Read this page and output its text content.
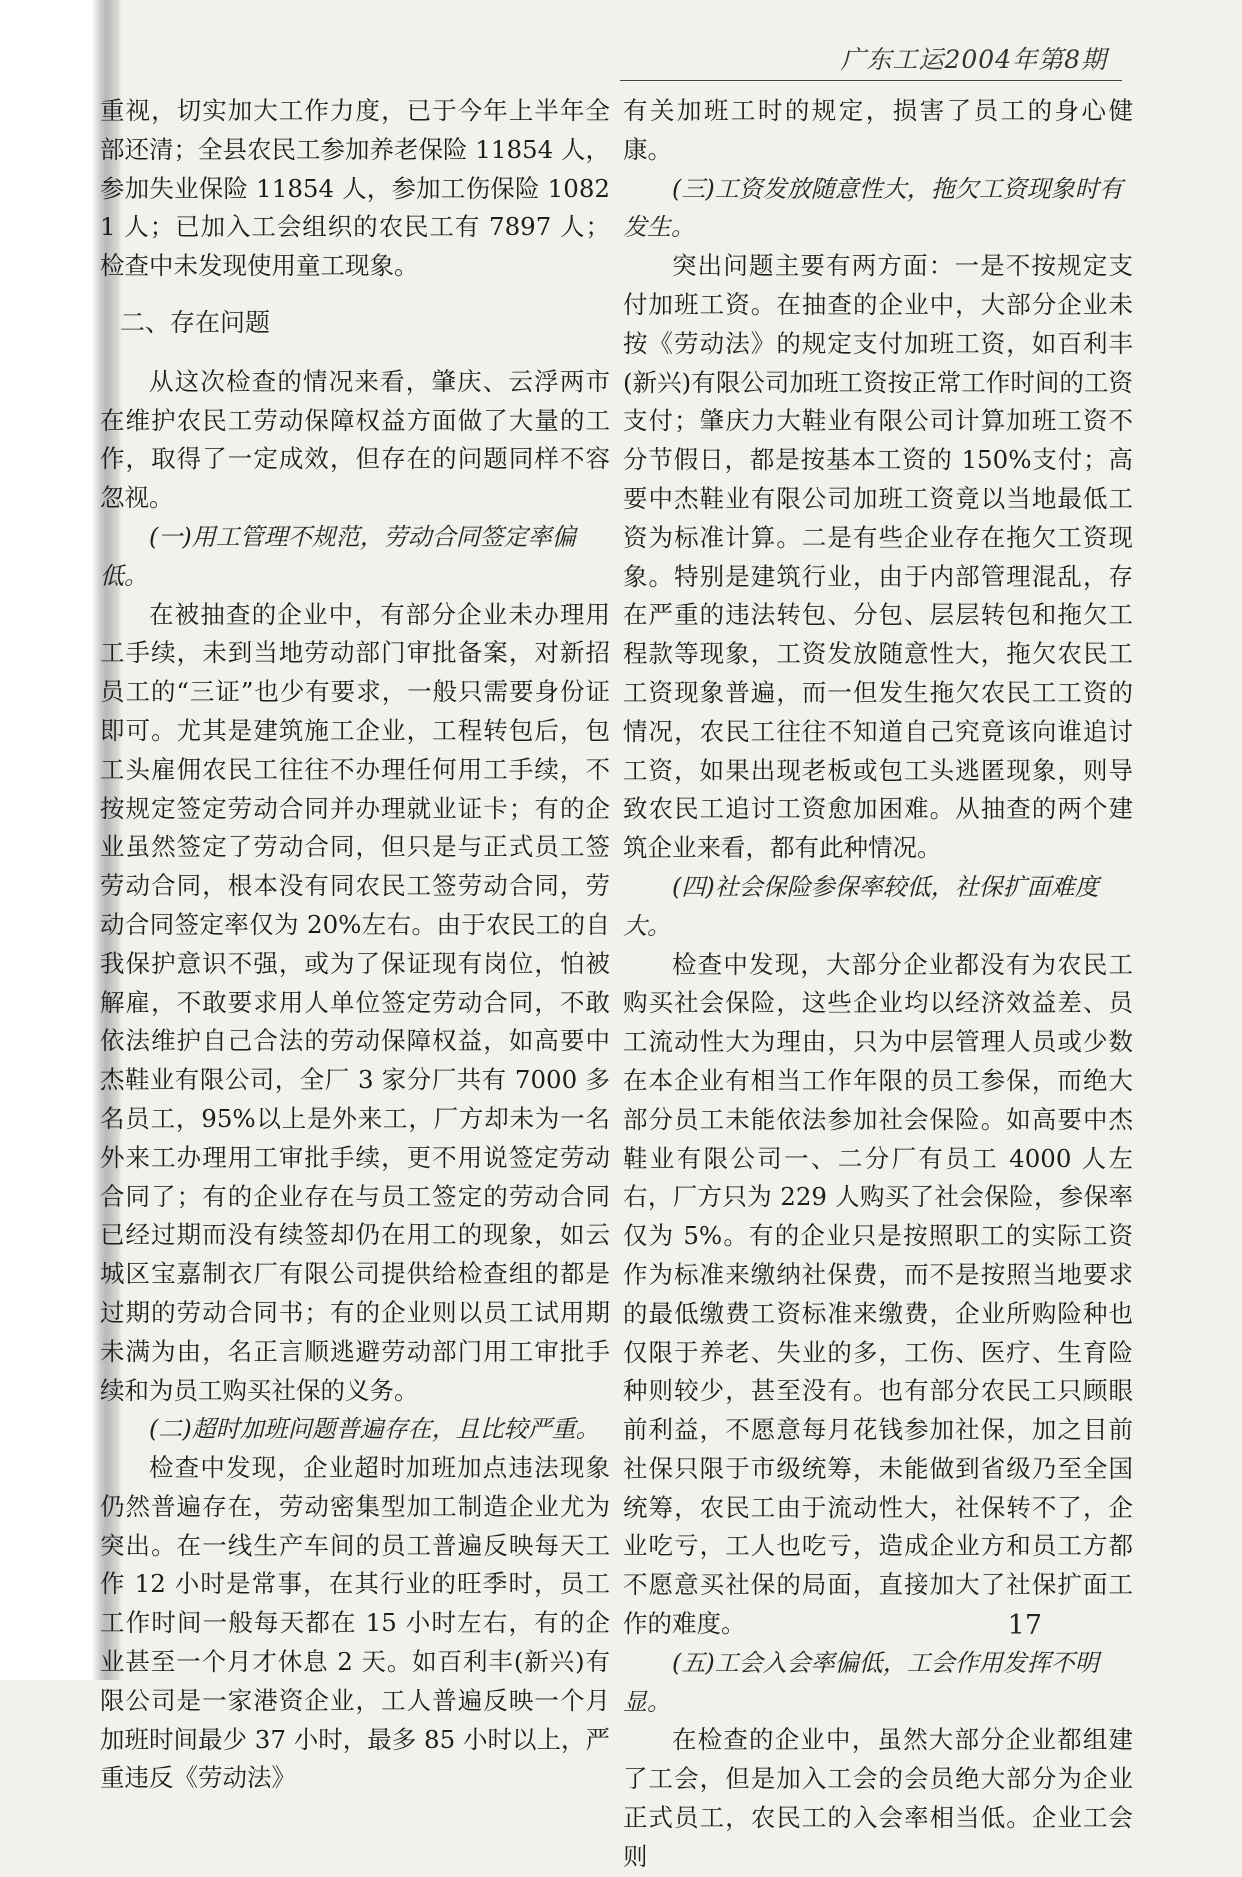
广东工运2004年第8期

重视，切实加大工作力度，已于今年上半年全部还清；全县农民工参加养老保险 11854 人，参加失业保险 11854 人，参加工伤保险 10821 人；已加入工会组织的农民工有 7897 人；检查中未发现使用童工现象。

二、存在问题

从这次检查的情况来看，肇庆、云浮两市在维护农民工劳动保障权益方面做了大量的工作，取得了一定成效，但存在的问题同样不容忽视。

(一)用工管理不规范，劳动合同签定率偏低。

在被抽查的企业中，有部分企业未办理用工手续，未到当地劳动部门审批备案，对新招员工的“三证”也少有要求，一般只需要身份证即可。尤其是建筑施工企业，工程转包后，包工头雇佣农民工往往不办理任何用工手续，不按规定签定劳动合同并办理就业证卡；有的企业虽然签定了劳动合同，但只是与正式员工签劳动合同，根本没有同农民工签劳动合同，劳动合同签定率仅为 20%左右。由于农民工的自我保护意识不强，或为了保证现有岗位，怕被解雇，不敢要求用人单位签定劳动合同，不敢依法维护自己合法的劳动保障权益，如高要中杰鞋业有限公司，全厂 3 家分厂共有 7000 多名员工，95%以上是外来工，厂方却未为一名外来工办理用工审批手续，更不用说签定劳动合同了；有的企业存在与员工签定的劳动合同已经过期而没有续签却仍在用工的现象，如云城区宝嘉制衣厂有限公司提供给检查组的都是过期的劳动合同书；有的企业则以员工试用期未满为由，名正言顺逃避劳动部门用工审批手续和为员工购买社保的义务。

(二)超时加班问题普遍存在，且比较严重。

检查中发现，企业超时加班加点违法现象仍然普遍存在，劳动密集型加工制造企业尤为突出。在一线生产车间的员工普遍反映每天工作 12 小时是常事，在其行业的旺季时，员工工作时间一般每天都在 15 小时左右，有的企业甚至一个月才休息 2 天。如百利丰(新兴)有限公司是一家港资企业，工人普遍反映一个月加班时间最少 37 小时，最多 85 小时以上，严重违反《劳动法》

有关加班工时的规定，损害了员工的身心健康。

(三)工资发放随意性大，拖欠工资现象时有发生。

突出问题主要有两方面：一是不按规定支付加班工资。在抽查的企业中，大部分企业未按《劳动法》的规定支付加班工资，如百利丰(新兴)有限公司加班工资按正常工作时间的工资支付；肇庆力大鞋业有限公司计算加班工资不分节假日，都是按基本工资的 150%支付；高要中杰鞋业有限公司加班工资竟以当地最低工资为标准计算。二是有些企业存在拖欠工资现象。特别是建筑行业，由于内部管理混乱，存在严重的违法转包、分包、层层转包和拖欠工程款等现象，工资发放随意性大，拖欠农民工工资现象普遍，而一但发生拖欠农民工工资的情况，农民工往往不知道自己究竟该向谁追讨工资，如果出现老板或包工头逃匿现象，则导致农民工追讨工资愈加困难。从抽查的两个建筑企业来看，都有此种情况。

(四)社会保险参保率较低，社保扩面难度大。

检查中发现，大部分企业都没有为农民工购买社会保险，这些企业均以经济效益差、员工流动性大为理由，只为中层管理人员或少数在本企业有相当工作年限的员工参保，而绝大部分员工未能依法参加社会保险。如高要中杰鞋业有限公司一、二分厂有员工 4000 人左右，厂方只为 229 人购买了社会保险，参保率仅为 5%。有的企业只是按照职工的实际工资作为标准来缴纳社保费，而不是按照当地要求的最低缴费工资标准来缴费，企业所购险种也仅限于养老、失业的多，工伤、医疗、生育险种则较少，甚至没有。也有部分农民工只顾眼前利益，不愿意每月花钱参加社保，加之目前社保只限于市级统筹，未能做到省级乃至全国统筹，农民工由于流动性大，社保转不了，企业吃亏，工人也吃亏，造成企业方和员工方都不愿意买社保的局面，直接加大了社保扩面工作的难度。

(五)工会入会率偏低，工会作用发挥不明显。

在检查的企业中，虽然大部分企业都组建了工会，但是加入工会的会员绝大部分为企业正式员工，农民工的入会率相当低。企业工会则

17
